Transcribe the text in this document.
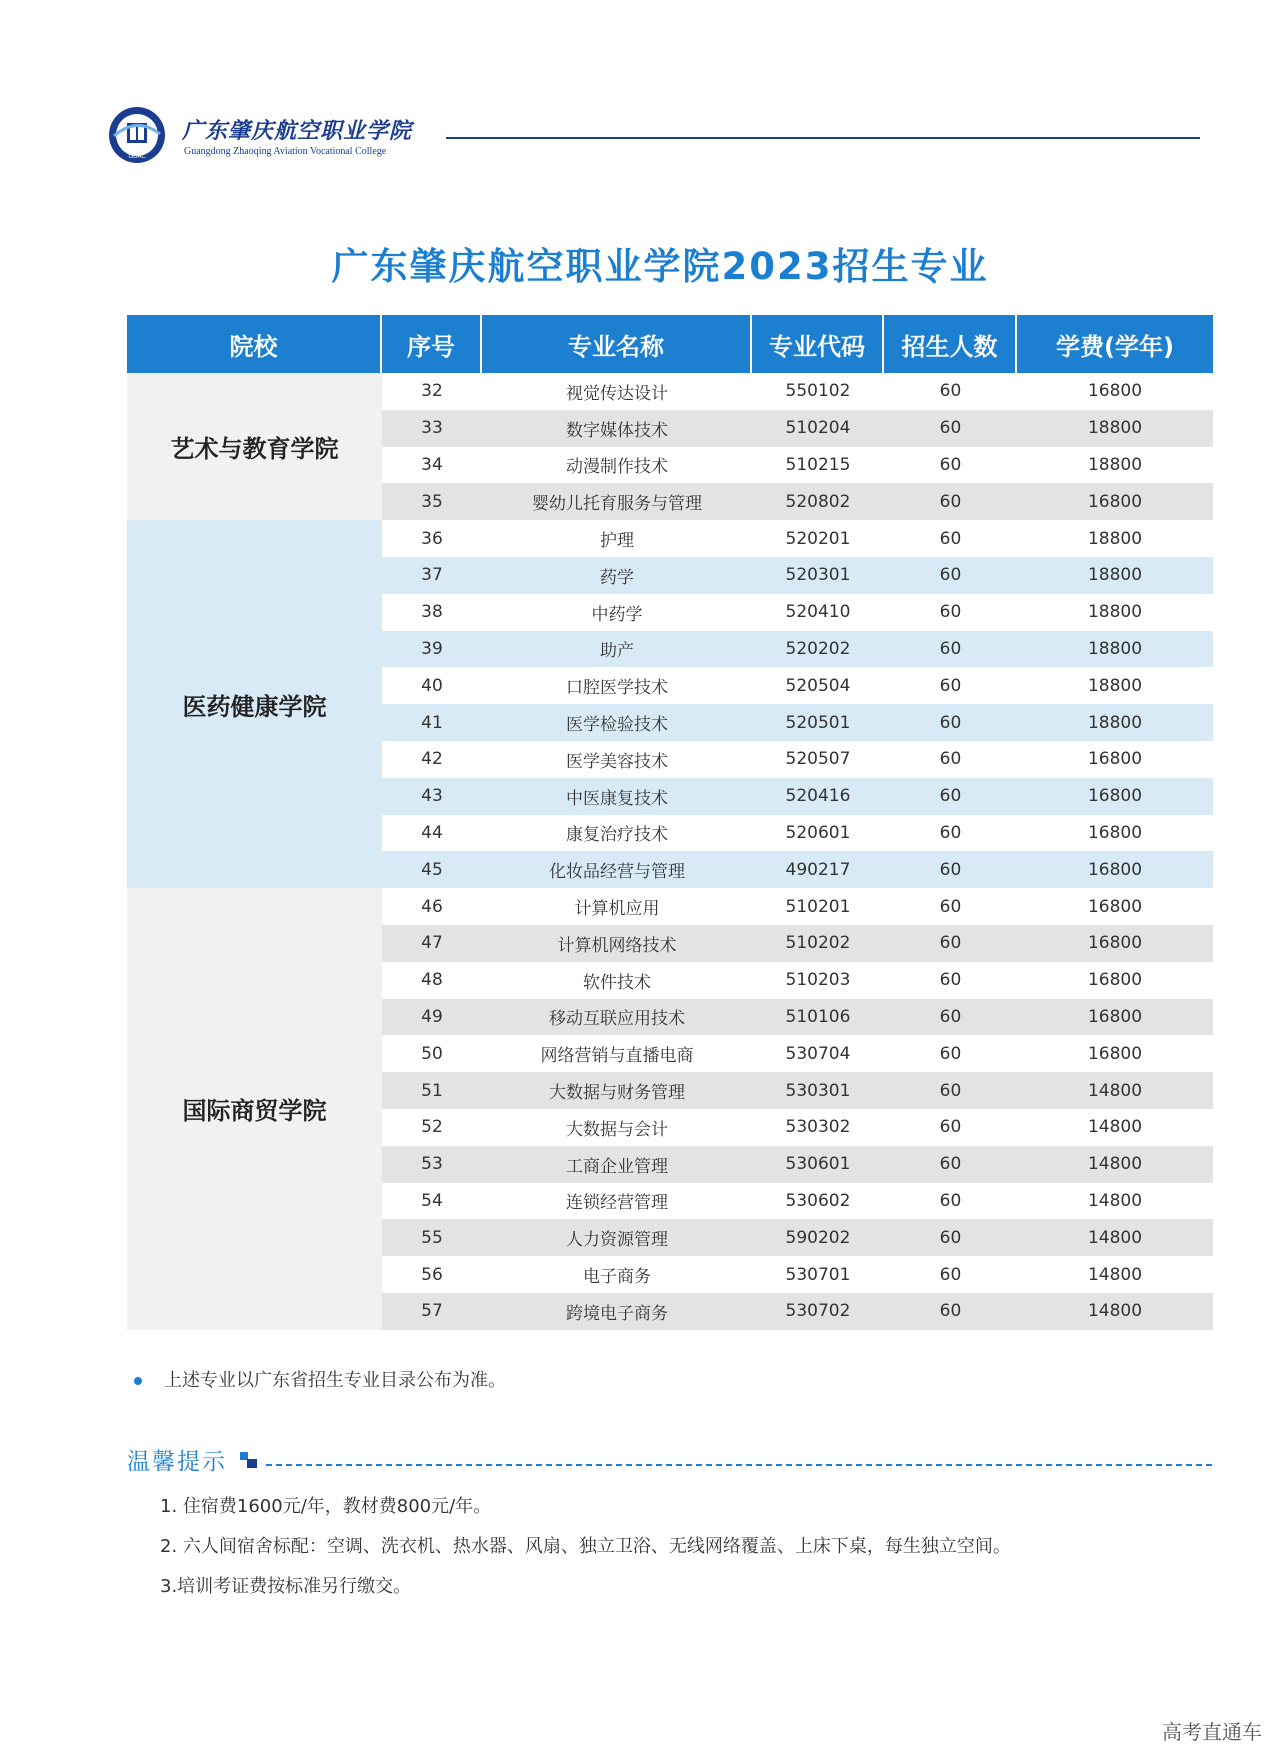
GDAC
广东肇庆航空职业学院
Guangdong Zhaoqing Aviation Vocational College
广东肇庆航空职业学院2023招生专业
院校	序号	专业名称	专业代码	招生人数	学费(学年)
艺术与教育学院
32	视觉传达设计	550102	60	16800
33	数字媒体技术	510204	60	18800
34	动漫制作技术	510215	60	18800
35	婴幼儿托育服务与管理	520802	60	16800
医药健康学院
36	护理	520201	60	18800
37	药学	520301	60	18800
38	中药学	520410	60	18800
39	助产	520202	60	18800
40	口腔医学技术	520504	60	18800
41	医学检验技术	520501	60	18800
42	医学美容技术	520507	60	16800
43	中医康复技术	520416	60	16800
44	康复治疗技术	520601	60	16800
45	化妆品经营与管理	490217	60	16800
国际商贸学院
46	计算机应用	510201	60	16800
47	计算机网络技术	510202	60	16800
48	软件技术	510203	60	16800
49	移动互联应用技术	510106	60	16800
50	网络营销与直播电商	530704	60	16800
51	大数据与财务管理	530301	60	14800
52	大数据与会计	530302	60	14800
53	工商企业管理	530601	60	14800
54	连锁经营管理	530602	60	14800
55	人力资源管理	590202	60	14800
56	电子商务	530701	60	14800
57	跨境电子商务	530702	60	14800
上述专业以广东省招生专业目录公布为准。
温馨提示
1. 住宿费1600元/年，教材费800元/年。
2. 六人间宿舍标配：空调、洗衣机、热水器、风扇、独立卫浴、无线网络覆盖、上床下桌，每生独立空间。
3.培训考证费按标准另行缴交。
高考直通车
